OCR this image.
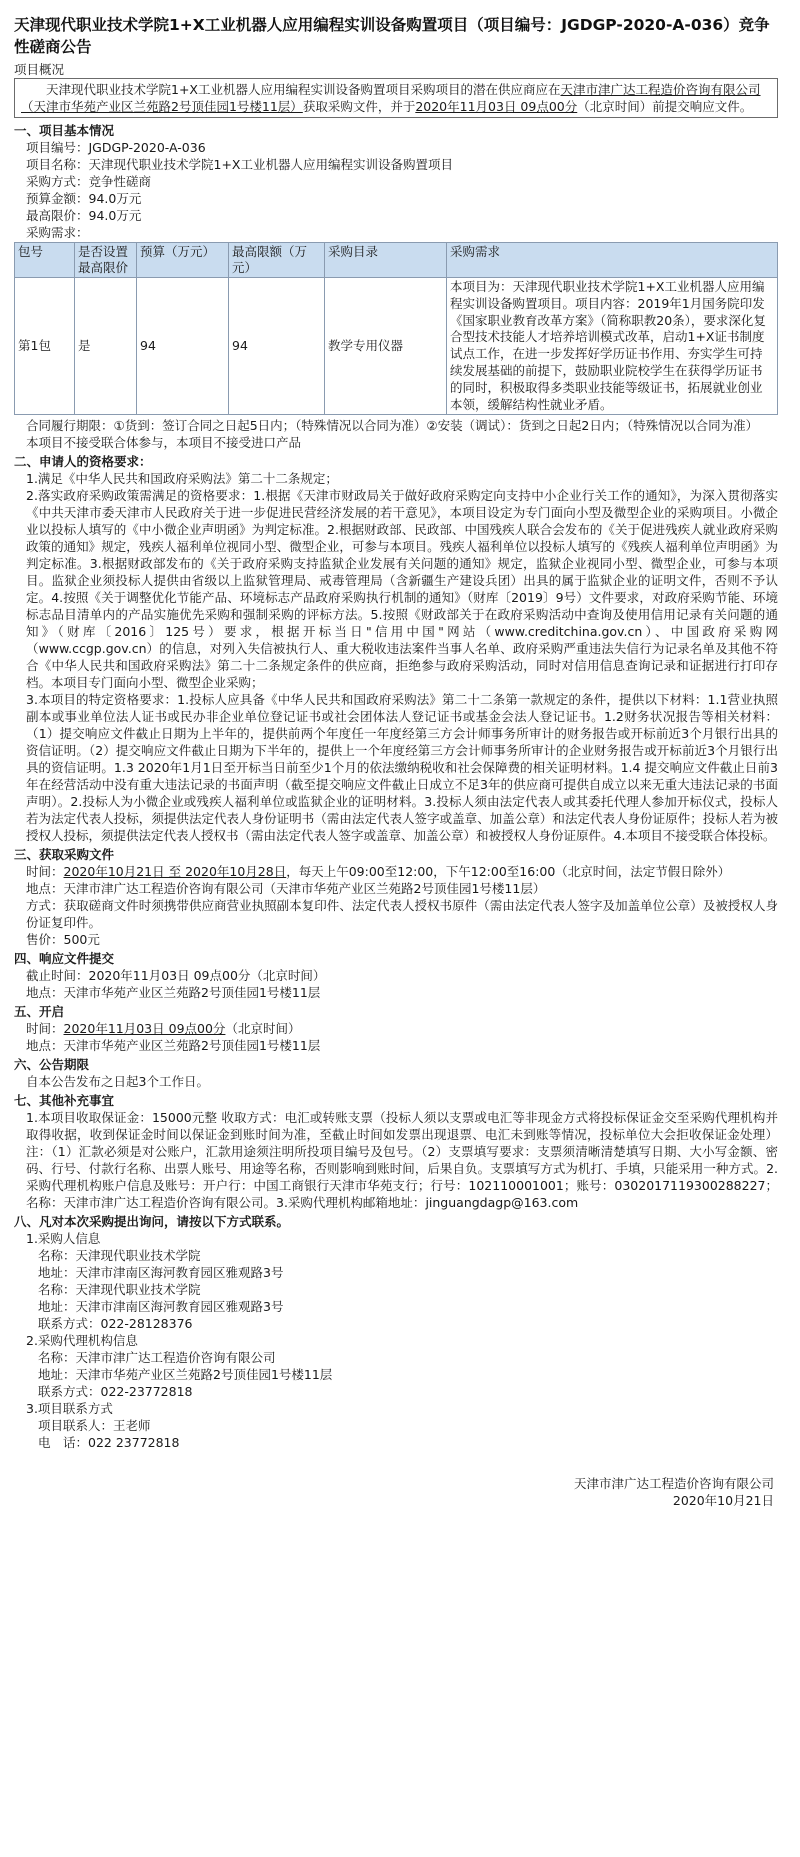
天津现代职业技术学院1+X工业机器人应用编程实训设备购置项目（项目编号：JGDGP-2020-A-036）竞争性磋商公告
项目概况
天津现代职业技术学院1+X工业机器人应用编程实训设备购置项目采购项目的潜在供应商应在天津市津广达工程造价咨询有限公司（天津市华苑产业区兰苑路2号顶佳园1号楼11层）获取采购文件，并于2020年11月03日 09点00分（北京时间）前提交响应文件。
一、项目基本情况
项目编号：JGDGP-2020-A-036
项目名称：天津现代职业技术学院1+X工业机器人应用编程实训设备购置项目
采购方式：竞争性磋商
预算金额：94.0万元
最高限价：94.0万元
采购需求：
包号	是否设置最高限价	预算（万元）	最高限额（万元）	采购目录	采购需求
第1包	是	94	94	教学专用仪器	本项目为：天津现代职业技术学院1+X工业机器人应用编程实训设备购置项目。项目内容：2019年1月国务院印发《国家职业教育改革方案》（简称职教20条），要求深化复合型技术技能人才培养培训模式改革，启动1+X证书制度试点工作，在进一步发挥好学历证书作用、夯实学生可持续发展基础的前提下，鼓励职业院校学生在获得学历证书的同时，积极取得多类职业技能等级证书，拓展就业创业本领，缓解结构性就业矛盾。
合同履行期限：①货到：签订合同之日起5日内；（特殊情况以合同为准）②安装（调试）：货到之日起2日内；（特殊情况以合同为准）
本项目不接受联合体参与，本项目不接受进口产品
二、申请人的资格要求：
1.满足《中华人民共和国政府采购法》第二十二条规定；
2.落实政府采购政策需满足的资格要求：1.根据《天津市财政局关于做好政府采购定向支持中小企业行关工作的通知》，为深入贯彻落实《中共天津市委天津市人民政府关于进一步促进民营经济发展的若干意见》，本项目设定为专门面向小型及微型企业的采购项目。小微企业以投标人填写的《中小微企业声明函》为判定标准。2.根据财政部、民政部、中国残疾人联合会发布的《关于促进残疾人就业政府采购政策的通知》规定，残疾人福利单位视同小型、微型企业，可参与本项目。残疾人福利单位以投标人填写的《残疾人福利单位声明函》为判定标准。3.根据财政部发布的《关于政府采购支持监狱企业发展有关问题的通知》规定，监狱企业视同小型、微型企业，可参与本项目。监狱企业须投标人提供由省级以上监狱管理局、戒毒管理局（含新疆生产建设兵团）出具的属于监狱企业的证明文件，否则不予认定。4.按照《关于调整优化节能产品、环境标志产品政府采购执行机制的通知》（财库〔2019〕9号）文件要求，对政府采购节能、环境标志品目清单内的产品实施优先采购和强制采购的评标方法。5.按照《财政部关于在政府采购活动中查询及使用信用记录有关问题的通知》（财库〔2016〕125号）要求，根据开标当日"信用中国"网站（www.creditchina.gov.cn）、中国政府采购网（www.ccgp.gov.cn）的信息，对列入失信被执行人、重大税收违法案件当事人名单、政府采购严重违法失信行为记录名单及其他不符合《中华人民共和国政府采购法》第二十二条规定条件的供应商，拒绝参与政府采购活动，同时对信用信息查询记录和证据进行打印存档。本项目专门面向小型、微型企业采购；
3.本项目的特定资格要求：1.投标人应具备《中华人民共和国政府采购法》第二十二条第一款规定的条件，提供以下材料：1.1营业执照副本或事业单位法人证书或民办非企业单位登记证书或社会团体法人登记证书或基金会法人登记证书。1.2财务状况报告等相关材料：（1）提交响应文件截止日期为上半年的，提供前两个年度任一年度经第三方会计师事务所审计的财务报告或开标前近3个月银行出具的资信证明。（2）提交响应文件截止日期为下半年的，提供上一个年度经第三方会计师事务所审计的企业财务报告或开标前近3个月银行出具的资信证明。1.3 2020年1月1日至开标当日前至少1个月的依法缴纳税收和社会保障费的相关证明材料。1.4 提交响应文件截止日前3年在经营活动中没有重大违法记录的书面声明（截至提交响应文件截止日成立不足3年的供应商可提供自成立以来无重大违法记录的书面声明）。2.投标人为小微企业或残疾人福利单位或监狱企业的证明材料。3.投标人须由法定代表人或其委托代理人参加开标仪式，投标人若为法定代表人投标，须提供法定代表人身份证明书（需由法定代表人签字或盖章、加盖公章）和法定代表人身份证原件；投标人若为被授权人投标，须提供法定代表人授权书（需由法定代表人签字或盖章、加盖公章）和被授权人身份证原件。4.本项目不接受联合体投标。
三、获取采购文件
时间：2020年10月21日 至 2020年10月28日，每天上午09:00至12:00，下午12:00至16:00（北京时间，法定节假日除外）
地点：天津市津广达工程造价咨询有限公司（天津市华苑产业区兰苑路2号顶佳园1号楼11层）
方式：获取磋商文件时须携带供应商营业执照副本复印件、法定代表人授权书原件（需由法定代表人签字及加盖单位公章）及被授权人身份证复印件。
售价：500元
四、响应文件提交
截止时间：2020年11月03日 09点00分（北京时间）
地点：天津市华苑产业区兰苑路2号顶佳园1号楼11层
五、开启
时间：2020年11月03日 09点00分（北京时间）
地点：天津市华苑产业区兰苑路2号顶佳园1号楼11层
六、公告期限
自本公告发布之日起3个工作日。
七、其他补充事宜
1.本项目收取保证金：15000元整 收取方式：电汇或转账支票（投标人须以支票或电汇等非现金方式将投标保证金交至采购代理机构并取得收据，收到保证金时间以保证金到账时间为准，至截止时间如发票出现退票、电汇未到账等情况，投标单位大会拒收保证金处理）注：（1）汇款必须是对公账户，汇款用途须注明所投项目编号及包号。（2）支票填写要求：支票须清晰清楚填写日期、大小写金额、密码、行号、付款行名称、出票人账号、用途等名称，否则影响到账时间，后果自负。支票填写方式为机打、手填，只能采用一种方式。2.采购代理机构账户信息及账号：开户行：中国工商银行天津市华苑支行；行号：102110001001；账号：0302017119300288227；名称：天津市津广达工程造价咨询有限公司。3.采购代理机构邮箱地址：jinguangdagp@163.com
八、凡对本次采购提出询问，请按以下方式联系。
1.采购人信息
名称：天津现代职业技术学院
地址：天津市津南区海河教育园区雅观路3号
名称：天津现代职业技术学院
地址：天津市津南区海河教育园区雅观路3号
联系方式：022-28128376
2.采购代理机构信息
名称：天津市津广达工程造价咨询有限公司
地址：天津市华苑产业区兰苑路2号顶佳园1号楼11层
联系方式：022-23772818
3.项目联系方式
项目联系人：王老师
电　话：022 23772818
天津市津广达工程造价咨询有限公司
2020年10月21日
